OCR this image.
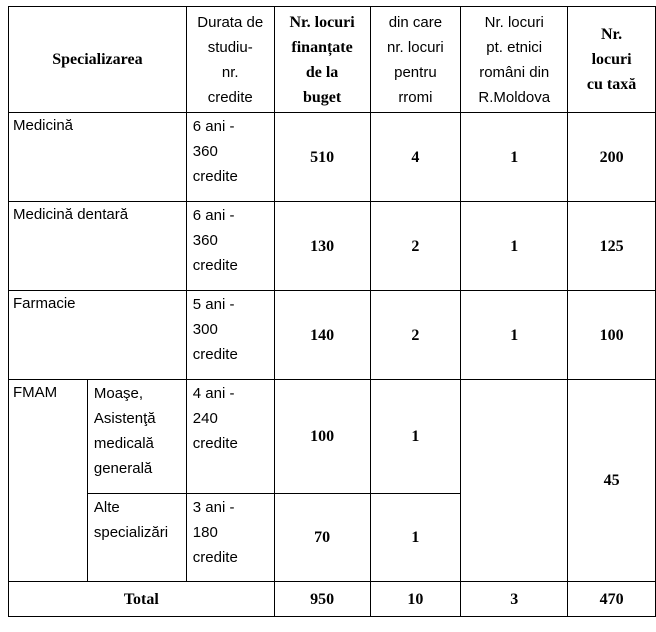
Specializarea		Durata de
studiu-
nr.
credite	Nr. locuri
finanțate
de la
buget	din care
nr. locuri
pentru
rromi	Nr. locuri
pt. etnici
români din
R.Moldova	Nr.
locuri
cu taxă
Medicină		6 ani -
360
credite	510	4	1	200
Medicină dentară		6 ani -
360
credite	130	2	1	125
Farmacie		5 ani -
300
credite	140	2	1	100
FMAM	Moaşe,
Asistenţă
medicală
generală	4 ani -
240
credite	100	1		45
	Alte
specializări	3 ani -
180
credite	70	1		
Total			950	10	3	470
